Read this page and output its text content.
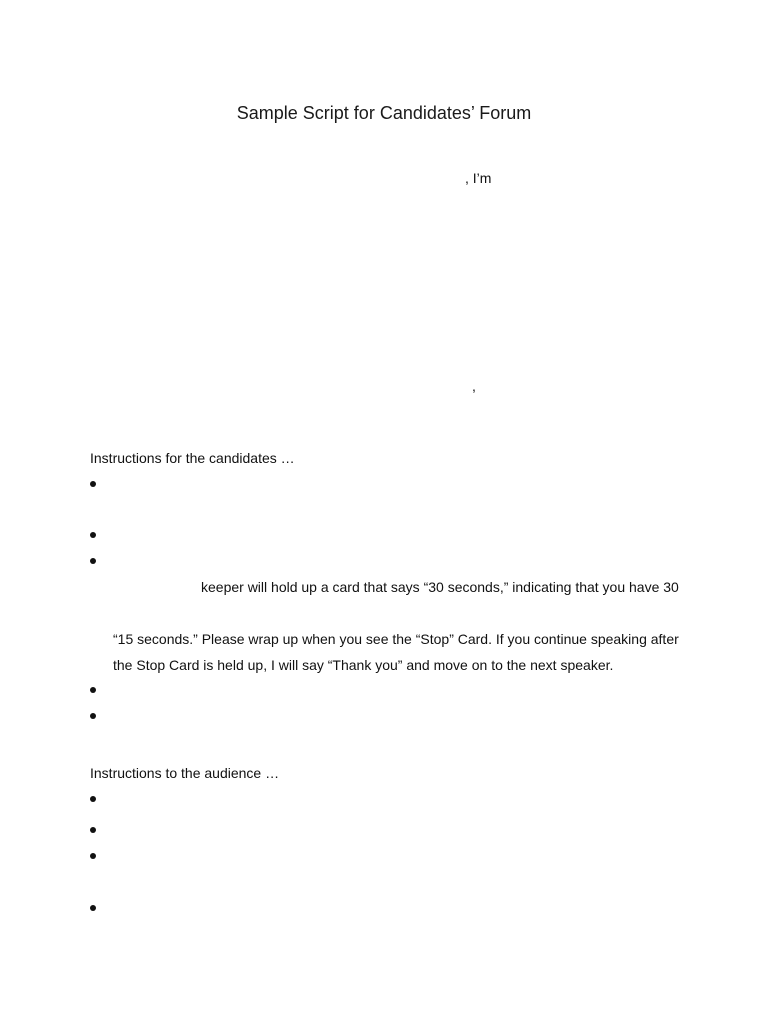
Sample Script for Candidates’ Forum
, I’m
,
Instructions for the candidates …
keeper will hold up a card that says “30 seconds,” indicating that you have 30
“15 seconds.” Please wrap up when you see the “Stop” Card. If you continue speaking after
the Stop Card is held up, I will say “Thank you” and move on to the next speaker.
Instructions to the audience …
